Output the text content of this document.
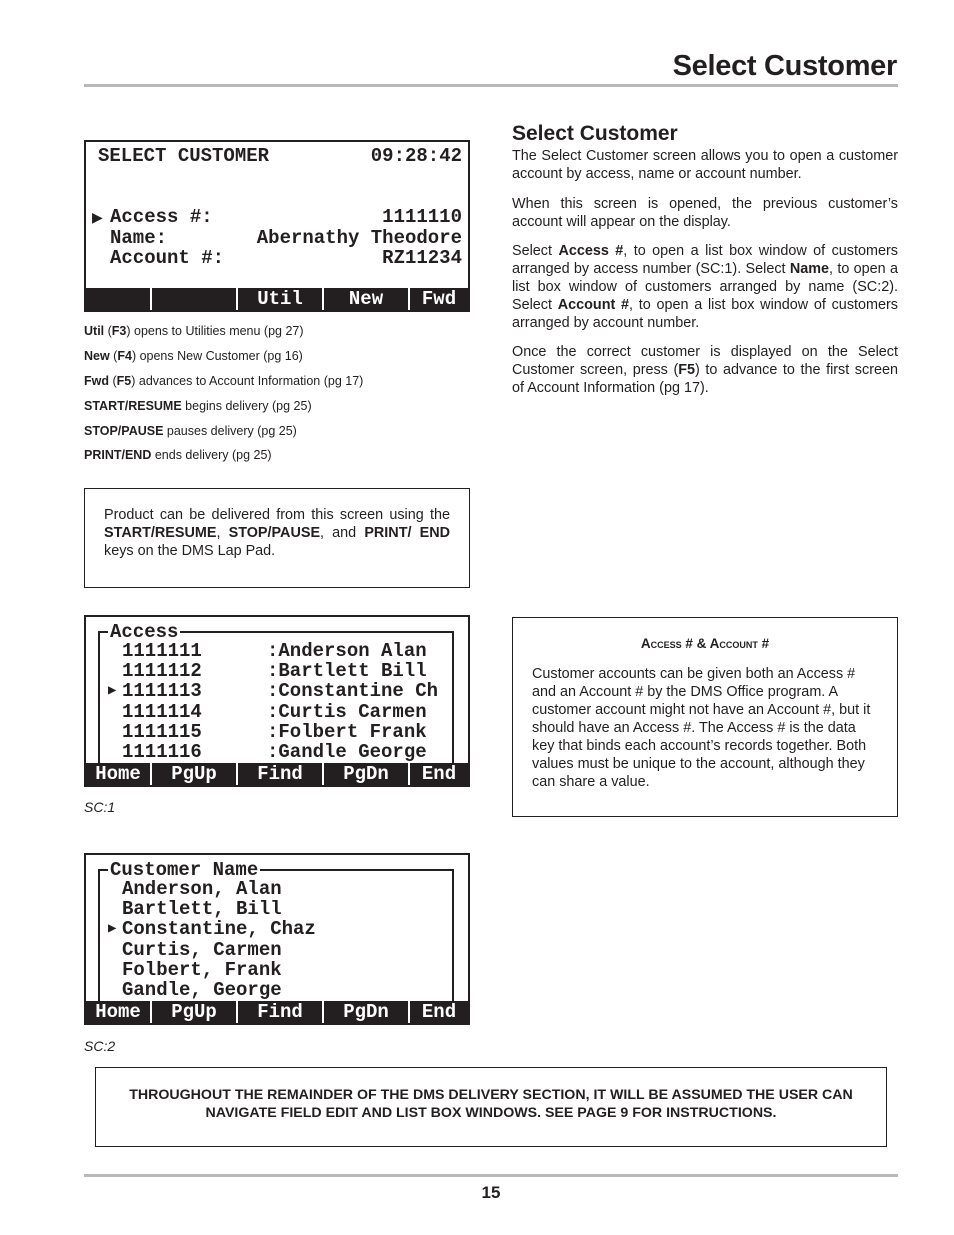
Select Customer
SELECT CUSTOMER	09:28:42
▶ Access #:	1111110
Name:	Abernathy Theodore
Account #:	RZ11234
Util	New	Fwd
Util (F3) opens to Utilities menu (pg 27)
New (F4) opens New Customer (pg 16)
Fwd (F5) advances to Account Information (pg 17)
START/RESUME begins delivery (pg 25)
STOP/PAUSE pauses delivery (pg 25)
PRINT/END ends delivery (pg 25)
Product can be delivered from this screen using the START/RESUME, STOP/PAUSE, and PRINT/ END keys on the DMS Lap Pad.
Select Customer
The Select Customer screen allows you to open a customer account by access, name or account number.
When this screen is opened, the previous customer’s account will appear on the display.
Select Access #, to open a list box window of customers arranged by access number (SC:1). Select Name, to open a list box window of customers arranged by name (SC:2). Select Account #, to open a list box window of customers arranged by account number.
Once the correct customer is displayed on the Select Customer screen, press (F5) to advance to the first screen of Account Information (pg 17).
Access
1111111	:Anderson Alan
1111112	:Bartlett Bill
▶ 1111113	:Constantine Ch
1111114	:Curtis Carmen
1111115	:Folbert Frank
1111116	:Gandle George
Home	PgUp	Find	PgDn	End
SC:1
Access # & Account #
Customer accounts can be given both an Access # and an Account # by the DMS Office program. A customer account might not have an Account #, but it should have an Access #. The Access # is the data key that binds each account’s records together. Both values must be unique to the account, although they can share a value.
Customer Name
Anderson, Alan
Bartlett, Bill
▶ Constantine, Chaz
Curtis, Carmen
Folbert, Frank
Gandle, George
Home	PgUp	Find	PgDn	End
SC:2
THROUGHOUT THE REMAINDER OF THE DMS DELIVERY SECTION, IT WILL BE ASSUMED THE USER CAN NAVIGATE FIELD EDIT AND LIST BOX WINDOWS. SEE PAGE 9 FOR INSTRUCTIONS.
15
